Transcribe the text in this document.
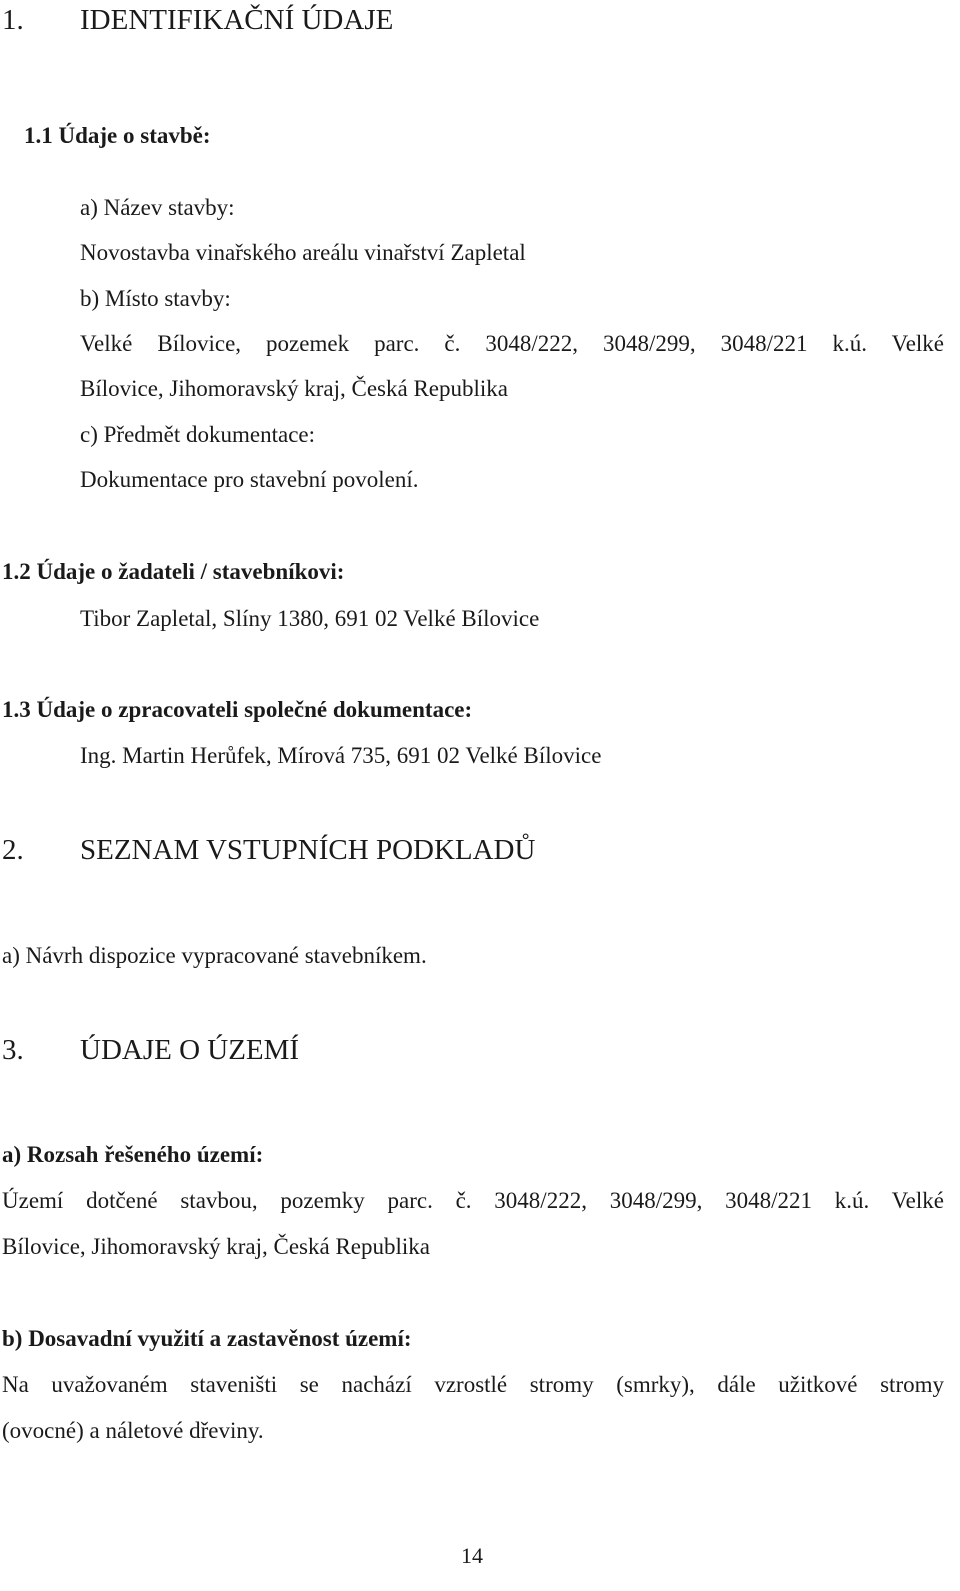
1. IDENTIFIKAČNÍ ÚDAJE
1.1 Údaje o stavbě:
a) Název stavby:
Novostavba vinařského areálu vinařství Zapletal
b) Místo stavby:
Velké Bílovice, pozemek parc. č. 3048/222, 3048/299, 3048/221 k.ú. Velké
Bílovice, Jihomoravský kraj, Česká Republika
c) Předmět dokumentace:
Dokumentace pro stavební povolení.
1.2 Údaje o žadateli / stavebníkovi:
Tibor Zapletal, Slíny 1380, 691 02 Velké Bílovice
1.3 Údaje o zpracovateli společné dokumentace:
Ing. Martin Herůfek, Mírová 735, 691 02 Velké Bílovice
2. SEZNAM VSTUPNÍCH PODKLADŮ
a) Návrh dispozice vypracované stavebníkem.
3. ÚDAJE O ÚZEMÍ
a) Rozsah řešeného území:
Území dotčené stavbou, pozemky parc. č. 3048/222, 3048/299, 3048/221 k.ú. Velké
Bílovice, Jihomoravský kraj, Česká Republika
b) Dosavadní využití a zastavěnost území:
Na uvažovaném staveništi se nachází vzrostlé stromy (smrky), dále užitkové stromy
(ovocné) a náletové dřeviny.
14
